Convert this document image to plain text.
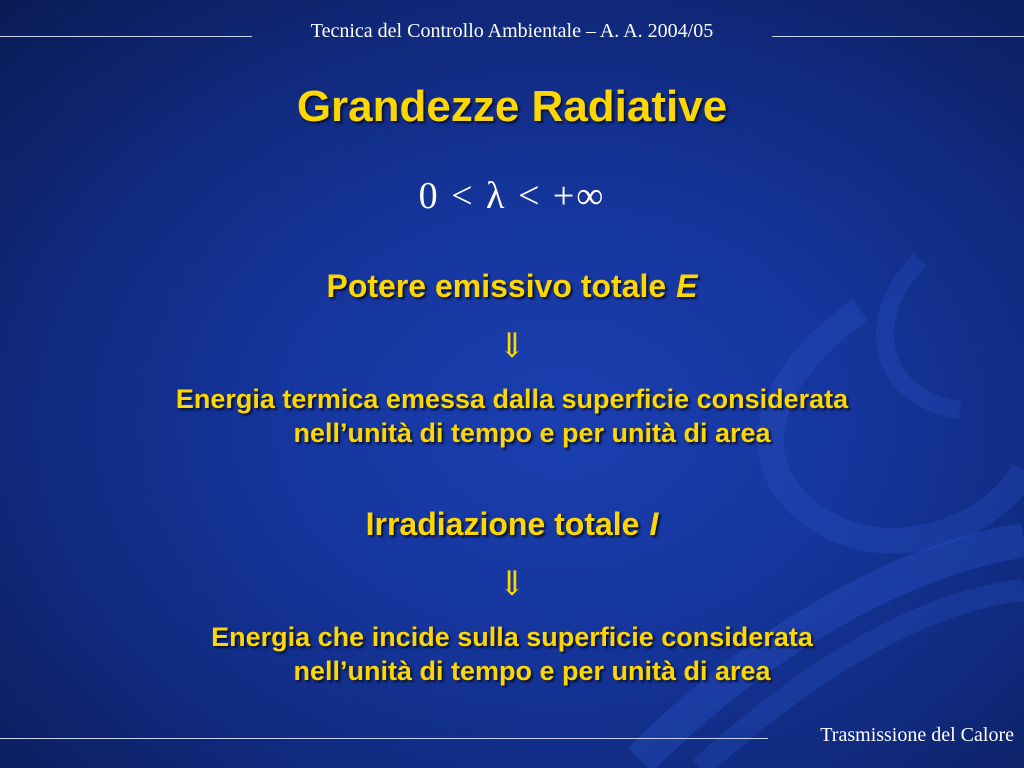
Tecnica del Controllo Ambientale – A. A. 2004/05
Grandezze Radiative
0 < λ < +∞
Potere emissivo totale E
⇓
Energia termica emessa dalla superficie considerata
nell’unità di tempo e per unità di area
Irradiazione totale I
⇓
Energia che incide sulla superficie considerata
nell’unità di tempo e per unità di area
Trasmissione del Calore
